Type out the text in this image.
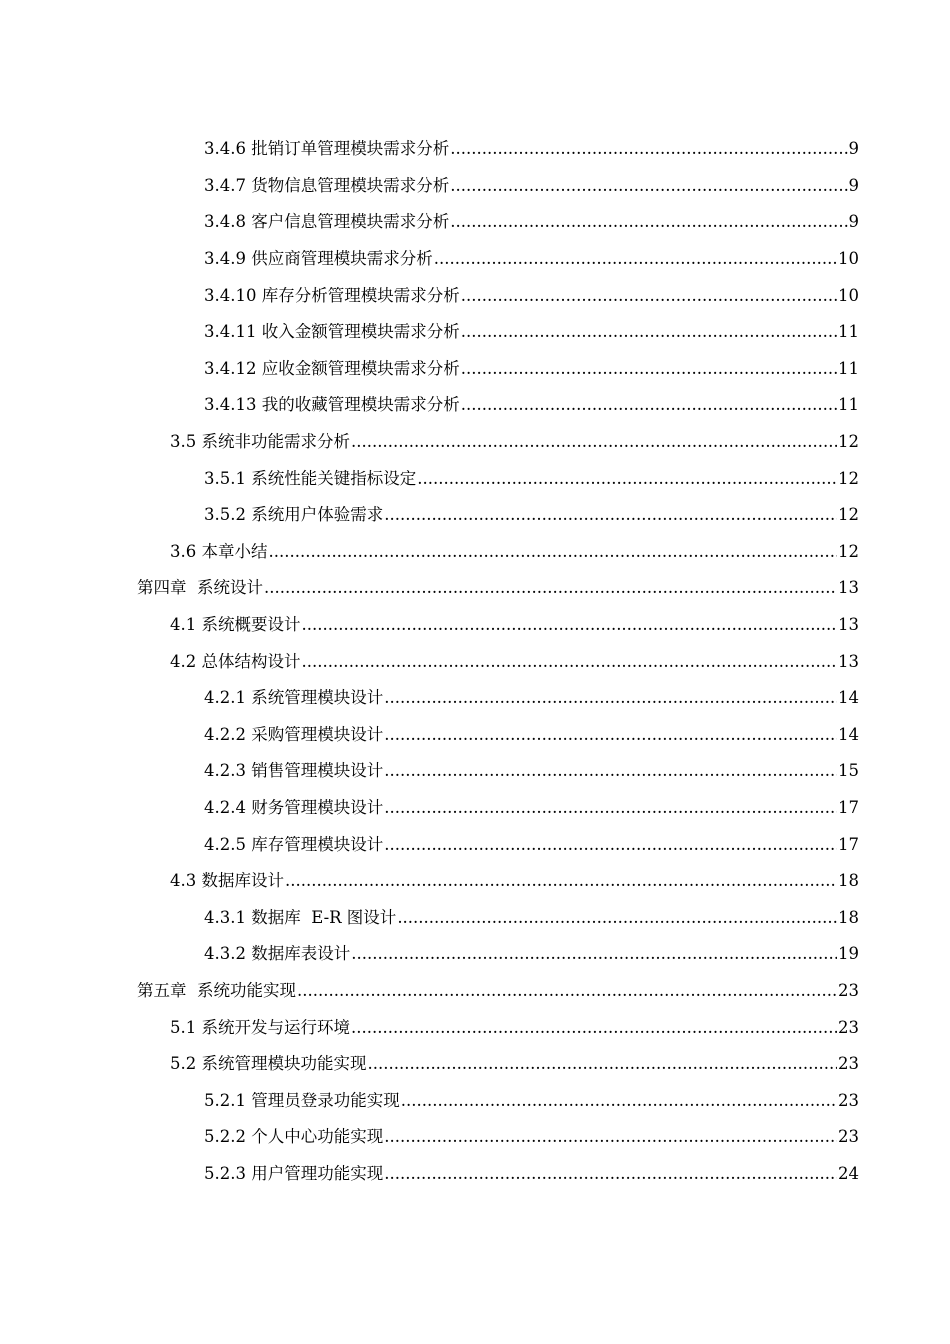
3.4.6 批销订单管理模块需求分析 .....	9
3.4.7 货物信息管理模块需求分析 .....	9
3.4.8 客户信息管理模块需求分析 .....	9
3.4.9 供应商管理模块需求分析 .....	10
3.4.10 库存分析管理模块需求分析 .....	10
3.4.11 收入金额管理模块需求分析 .....	11
3.4.12 应收金额管理模块需求分析 .....	11
3.4.13 我的收藏管理模块需求分析 .....	11
3.5 系统非功能需求分析 .....	12
3.5.1 系统性能关键指标设定 .....	12
3.5.2 系统用户体验需求 .....	12
3.6 本章小结 .....	12
第四章  系统设计 .....	13
4.1 系统概要设计 .....	13
4.2 总体结构设计 .....	13
4.2.1 系统管理模块设计 .....	14
4.2.2 采购管理模块设计 .....	14
4.2.3 销售管理模块设计 .....	15
4.2.4 财务管理模块设计 .....	17
4.2.5 库存管理模块设计 .....	17
4.3 数据库设计 .....	18
4.3.1 数据库  E-R 图设计 .....	18
4.3.2 数据库表设计 .....	19
第五章  系统功能实现 .....	23
5.1 系统开发与运行环境 .....	23
5.2 系统管理模块功能实现 .....	23
5.2.1 管理员登录功能实现 .....	23
5.2.2 个人中心功能实现 .....	23
5.2.3 用户管理功能实现 .....	24
